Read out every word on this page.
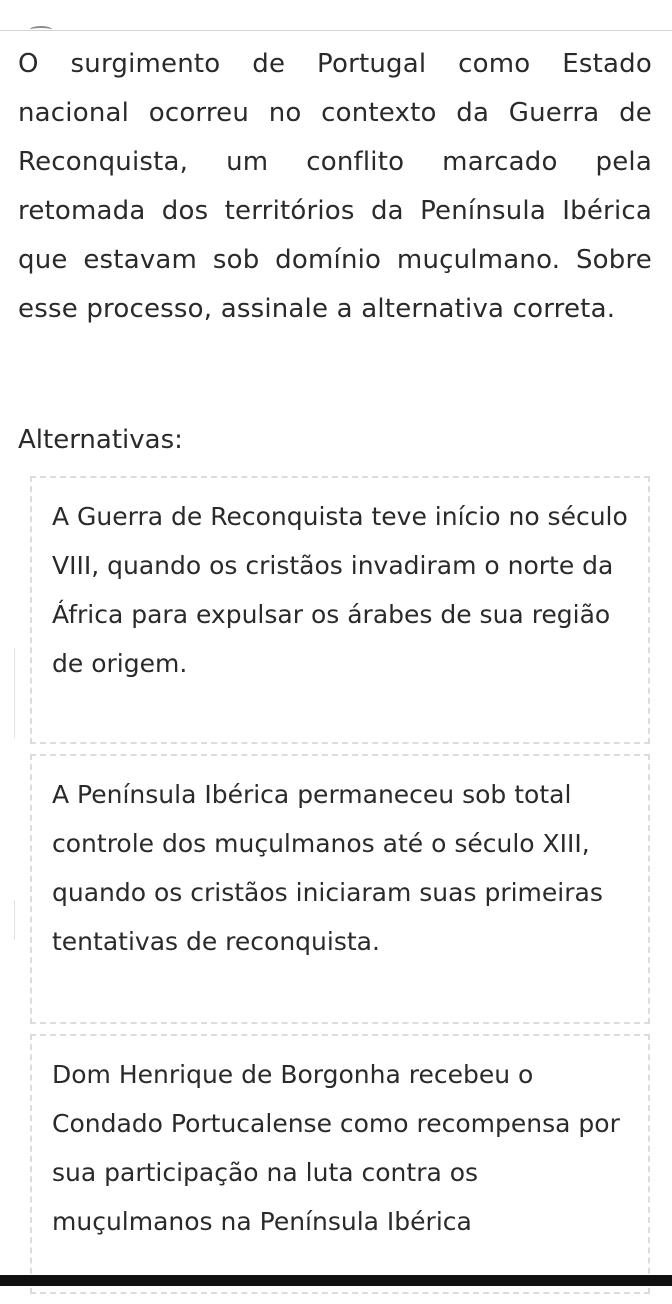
O surgimento de Portugal como Estado nacional ocorreu no contexto da Guerra de Reconquista, um conflito marcado pela retomada dos territórios da Península Ibérica que estavam sob domínio muçulmano. Sobre esse processo, assinale a alternativa correta.

Alternativas:
A Guerra de Reconquista teve início no século VIII, quando os cristãos invadiram o norte da África para expulsar os árabes de sua região de origem.
A Península Ibérica permaneceu sob total controle dos muçulmanos até o século XIII, quando os cristãos iniciaram suas primeiras tentativas de reconquista.
Dom Henrique de Borgonha recebeu o Condado Portucalense como recompensa por sua participação na luta contra os muçulmanos na Península Ibérica
